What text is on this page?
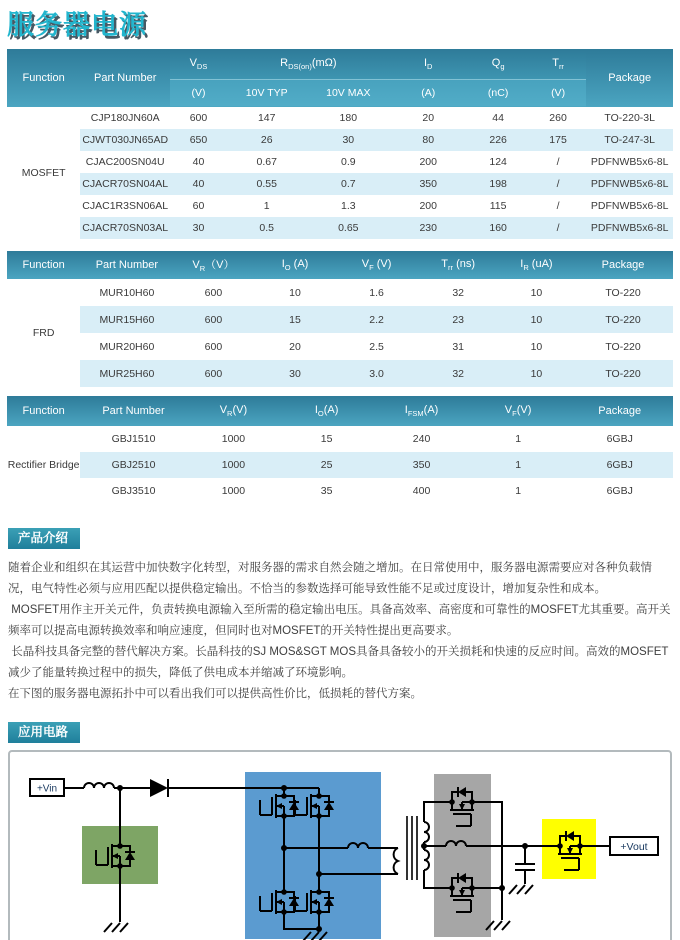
服务器电源
Function	Part Number	$V_{DS}$	$R_{DS(on)}(m\Omega)$		$I_D$	$Q_g$	$T_{rr}$	Package
		(V)	10V TYP	10V MAX	(A)	(nC)	(V)	
MOSFET	CJP180JN60A	600	147	180	20	44	260	TO-220-3L
	CJWT030JN65AD	650	26	30	80	226	175	TO-247-3L
	CJAC200SN04U	40	0.67	0.9	200	124	/	PDFNWB5x6-8L
	CJACR70SN04AL	40	0.55	0.7	350	198	/	PDFNWB5x6-8L
	CJAC1R3SN06AL	60	1	1.3	200	115	/	PDFNWB5x6-8L
	CJACR70SN03AL	30	0.5	0.65	230	160	/	PDFNWB5x6-8L
Function	Part Number	$V_R(V)$	$I_O$ (A)	$V_F$ (V)	$T_{rr}$ (ns)	$I_R$ (uA)	Package
FRD	MUR10H60	600	10	1.6	32	10	TO-220
	MUR15H60	600	15	2.2	23	10	TO-220
	MUR20H60	600	20	2.5	31	10	TO-220
	MUR25H60	600	30	3.0	32	10	TO-220
Function	Part Number	$V_R(V)$	$I_O(A)$	$I_{FSM}(A)$	$V_F(V)$	Package
Rectifier Bridge	GBJ1510	1000	15	240	1	6GBJ
	GBJ2510	1000	25	350	1	6GBJ
	GBJ3510	1000	35	400	1	6GBJ
产品介绍

随着企业和组织在其运营中加快数字化转型，对服务器的需求自然会随之增加。在日常使用中，服务器电源需要应对各种负载情况，电气特性必须与应用匹配以提供稳定输出。不恰当的参数选择可能导致性能不足或过度设计，增加复杂性和成本。

MOSFET用作主开关元件，负责转换电源输入至所需的稳定输出电压。具备高效率、高密度和可靠性的MOSFET尤其重要。高开关频率可以提高电源转换效率和响应速度，但同时也对MOSFET的开关特性提出更高要求。

长晶科技具备完整的替代解决方案。长晶科技的SJ MOS&SGT MOS具备具备较小的开关损耗和快速的反应时间。高效的MOSFET减少了能量转换过程中的损失，降低了供电成本并缩减了环境影响。

在下图的服务器电源拓扑中可以看出我们可以提供高性价比，低损耗的替代方案。

应用电路
+Vin
+Vout
